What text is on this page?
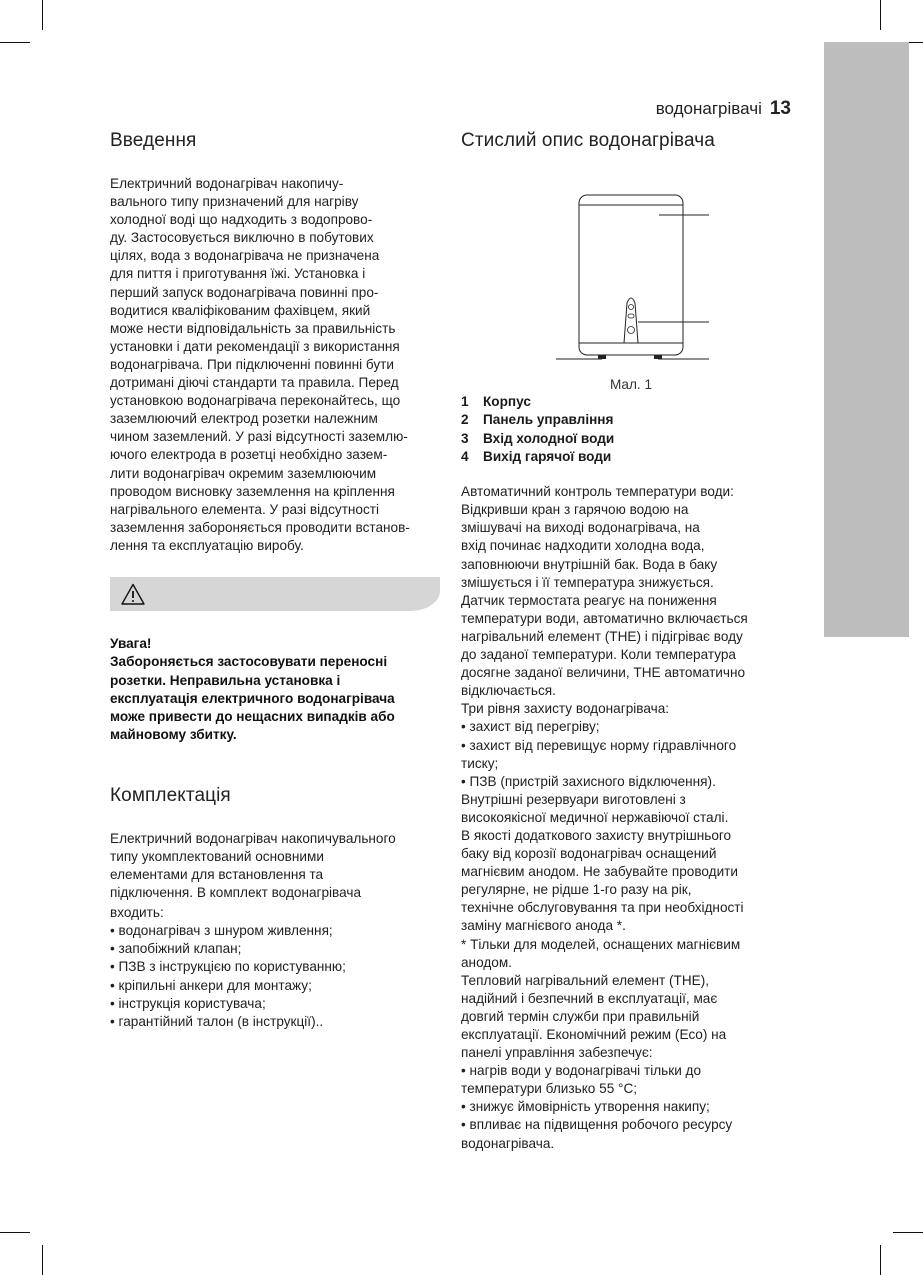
водонагрівачі 13
Введення
Електричний водонагрівач накопичу-
вального типу призначений для нагріву
холодної воді що надходить з водопрово-
ду. Застосовується виключно в побутових
цілях, вода з водонагрівача не призначена
для пиття і приготування їжі. Установка і
перший запуск водонагрівача повинні про-
водитися кваліфікованим фахівцем, який
може нести відповідальність за правильність
установки і дати рекомендації з використання
водонагрівача. При підключенні повинні бути
дотримані діючі стандарти та правила. Перед
установкою водонагрівача переконайтесь, що
заземлюючий електрод розетки належним
чином заземлений. У разі відсутності заземлю-
ючого електрода в розетці необхідно зазем-
лити водонагрівач окремим заземлюючим
проводом висновку заземлення на кріплення
нагрівального елемента. У разі відсутності
заземлення забороняється проводити встанов-
лення та експлуатацію виробу.
Увага!
Забороняється застосовувати переносні
розетки. Неправильна установка і
експлуатація електричного водонагрівача
може привести до нещасних випадків або
майновому збитку.
Комплектація
Електричний водонагрівач накопичувального
типу укомплектований основними
елементами для встановлення та
підключення. В комплект водонагрівача
входить:
• водонагрівач з шнуром живлення;
• запобіжний клапан;
• ПЗВ з інструкцією по користуванню;
• кріпильні анкери для монтажу;
• інструкція користувача;
• гарантійний талон (в інструкції)..
Стислий опис водонагрівача
Мал. 1
1 Корпус
2 Панель управління
3 Вхід холодної води
4 Вихід гарячої води
Автоматичний контроль температури води:
Відкривши кран з гарячою водою на
змішувачі на виході водонагрівача, на
вхід починає надходити холодна вода,
заповнюючи внутрішній бак. Вода в баку
змішується і її температура знижується.
Датчик термостата реагує на пониження
температури води, автоматично включається
нагрівальний елемент (ТНЕ) і підігріває воду
до заданої температури. Коли температура
досягне заданої величини, ТНЕ автоматично
відключається.
Три рівня захисту водонагрівача:
• захист від перегріву;
• захист від перевищує норму гідравлічного
тиску;
• ПЗВ (пристрій захисного відключення).
Внутрішні резервуари виготовлені з
високоякісної медичної нержавіючої сталі.
В якості додаткового захисту внутрішнього
баку від корозії водонагрівач оснащений
магнієвим анодом. Не забувайте проводити
регулярне, не рідше 1-го разу на рік,
технічне обслуговування та при необхідності
заміну магнієвого анода *.
* Тільки для моделей, оснащених магнієвим
анодом.
Тепловий нагрівальний елемент (ТНЕ),
надійний і безпечний в експлуатації, має
довгий термін служби при правильній
експлуатації. Економічний режим (Eco) на
панелі управління забезпечує:
• нагрів води у водонагрівачі тільки до
температури близько 55 °C;
• знижує ймовірність утворення накипу;
• впливає на підвищення робочого ресурсу
водонагрівача.
